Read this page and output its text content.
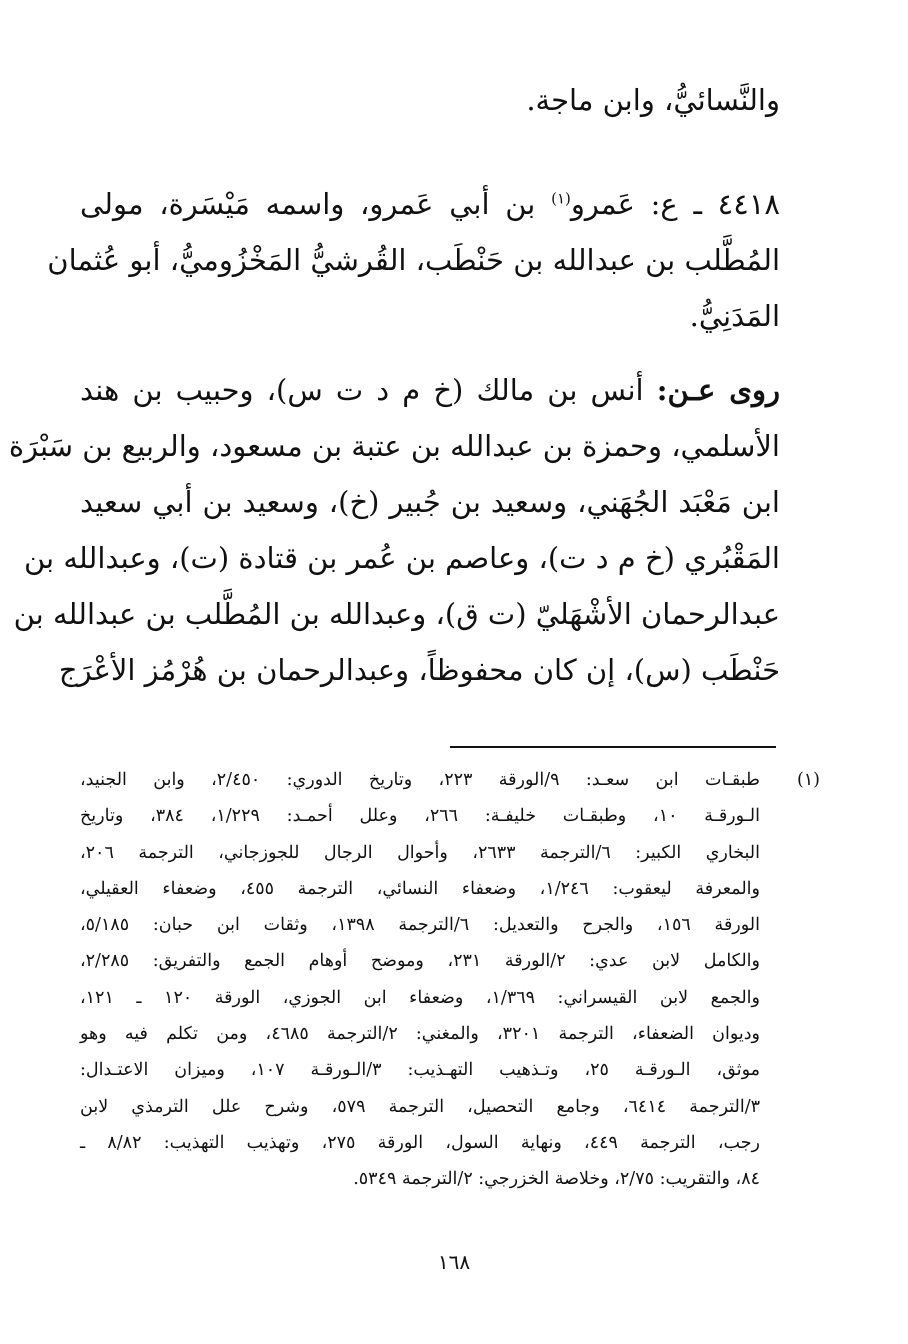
والنَّسائيُّ، وابن ماجة.
٤٤١٨ ـ ع: عَمرو$^{(١)}$ بن أبي عَمرو، واسمه مَيْسَرة، مولى
المُطَّلب بن عبدالله بن حَنْطَب، القُرشيُّ المَخْزُوميُّ، أبو عُثمان
المَدَنِيُّ.
روى عـن: أنس بن مالك (خ م د ت س)، وحبيب بن هند
الأسلمي، وحمزة بن عبدالله بن عتبة بن مسعود، والربيع بن سَبْرَة
ابن مَعْبَد الجُهَني، وسعيد بن جُبير (خ)، وسعيد بن أبي سعيد
المَقْبُري (خ م د ت)، وعاصم بن عُمر بن قتادة (ت)، وعبدالله بن
عبدالرحمان الأشْهَليّ (ت ق)، وعبدالله بن المُطَّلب بن عبدالله بن
حَنْطَب (س)، إن كان محفوظاً، وعبدالرحمان بن هُرْمُز الأعْرَج
(١)
طبقـات ابن سعـد: ٩/الورقة ٢٢٣، وتاريخ الدوري: ٢/٤٥٠، وابن الجنيد،
الـورقـة ١٠، وطبقـات خليفـة: ٢٦٦، وعلل أحمـد: ١/٢٢٩، ٣٨٤، وتاريخ
البخاري الكبير: ٦/الترجمة ٢٦٣٣، وأحوال الرجال للجوزجاني، الترجمة ٢٠٦،
والمعرفة ليعقوب: ١/٢٤٦، وضعفاء النسائي، الترجمة ٤٥٥، وضعفاء العقيلي،
الورقة ١٥٦، والجرح والتعديل: ٦/الترجمة ١٣٩٨، وثقات ابن حبان: ٥/١٨٥،
والكامل لابن عدي: ٢/الورقة ٢٣١، وموضح أوهام الجمع والتفريق: ٢/٢٨٥،
والجمع لابن القيسراني: ١/٣٦٩، وضعفاء ابن الجوزي، الورقة ١٢٠ ـ ١٢١،
وديوان الضعفاء، الترجمة ٣٢٠١، والمغني: ٢/الترجمة ٤٦٨٥، ومن تكلم فيه وهو
موثق، الـورقـة ٢٥، وتـذهيب التهـذيب: ٣/الـورقـة ١٠٧، وميزان الاعتـدال:
٣/الترجمة ٦٤١٤، وجامع التحصيل، الترجمة ٥٧٩، وشرح علل الترمذي لابن
رجب، الترجمة ٤٤٩، ونهاية السول، الورقة ٢٧٥، وتهذيب التهذيب: ٨/٨٢ ـ
٨٤، والتقريب: ٢/٧٥، وخلاصة الخزرجي: ٢/الترجمة ٥٣٤٩.
١٦٨
